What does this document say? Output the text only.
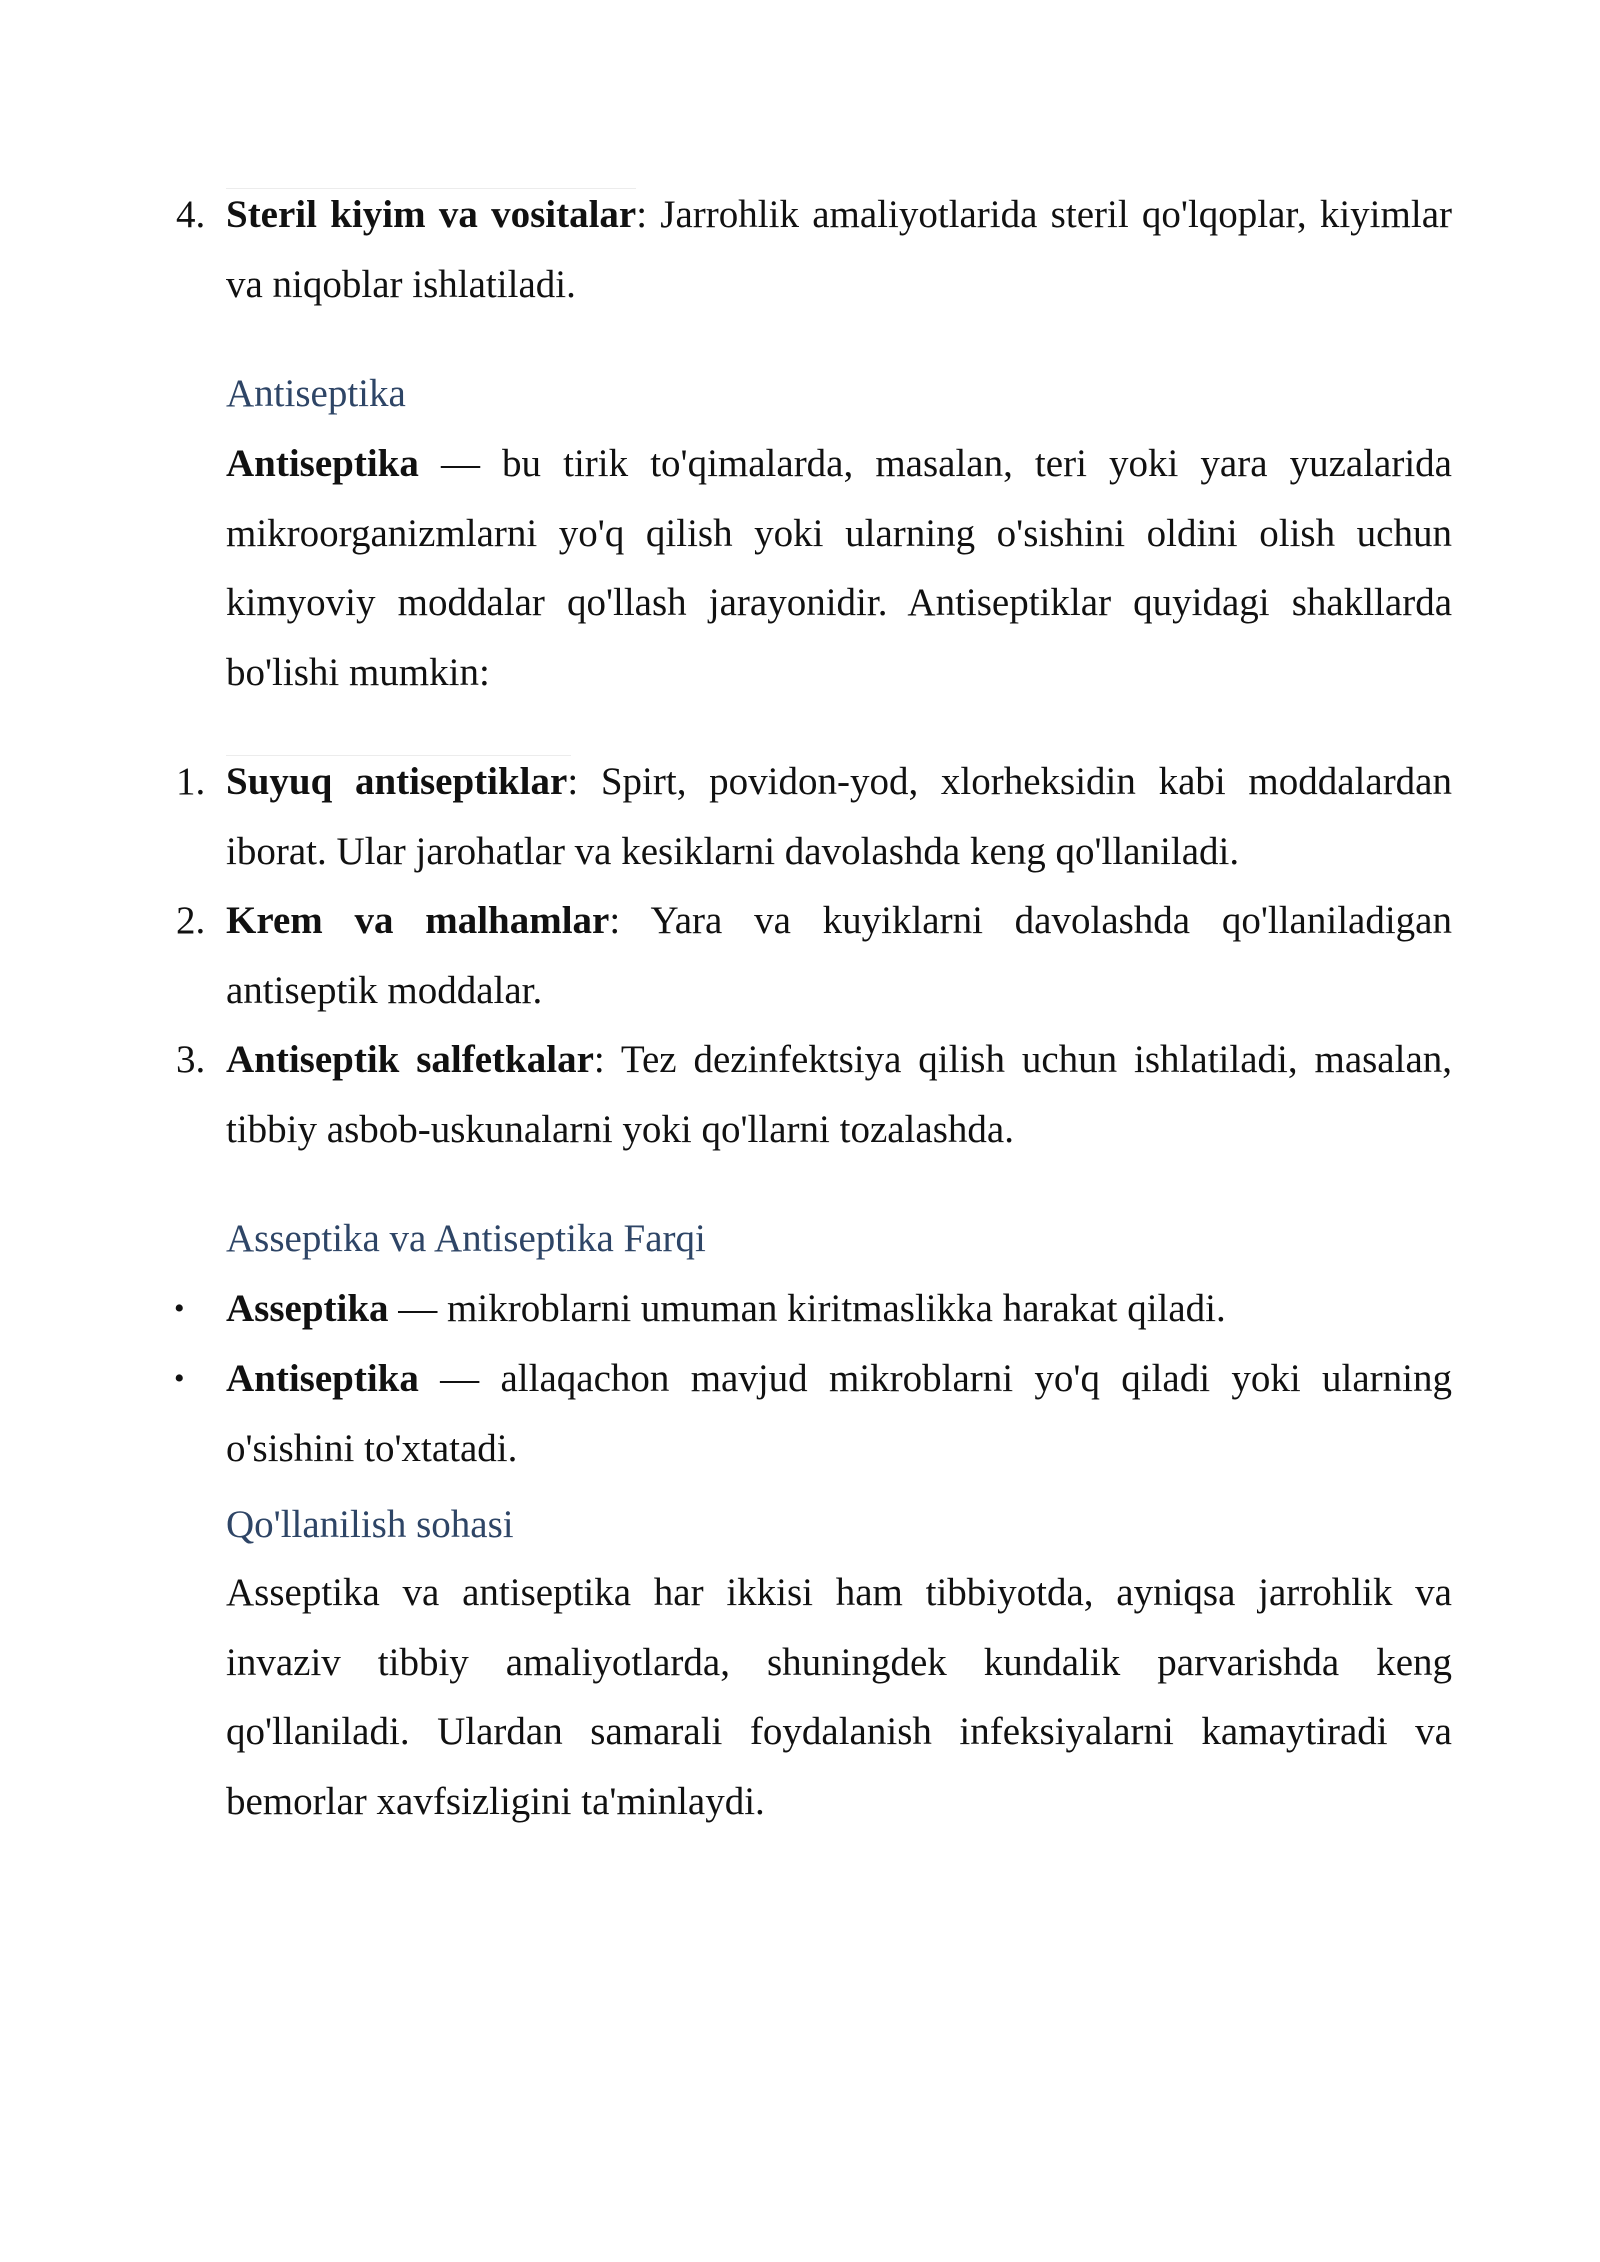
4. Steril kiyim va vositalar: Jarrohlik amaliyotlarida steril qo'lqoplar, kiyimlar va niqoblar ishlatiladi.
Antiseptika
Antiseptika — bu tirik to'qimalarda, masalan, teri yoki yara yuzalarida mikroorganizmlarni yo'q qilish yoki ularning o'sishini oldini olish uchun kimyoviy moddalar qo'llash jarayonidir. Antiseptiklar quyidagi shakllarda bo'lishi mumkin:
1. Suyuq antiseptiklar: Spirt, povidon-yod, xlorheksidin kabi moddalardan iborat. Ular jarohatlar va kesiklarni davolashda keng qo'llaniladi.
2. Krem va malhamlar: Yara va kuyiklarni davolashda qo'llaniladigan antiseptik moddalar.
3. Antiseptik salfetkalar: Tez dezinfektsiya qilish uchun ishlatiladi, masalan, tibbiy asbob-uskunalarni yoki qo'llarni tozalashda.
Asseptika va Antiseptika Farqi
•	Asseptika — mikroblarni umuman kiritmaslikka harakat qiladi.
•	Antiseptika — allaqachon mavjud mikroblarni yo'q qiladi yoki ularning o'sishini to'xtatadi.
Qo'llanilish sohasi
Asseptika va antiseptika har ikkisi ham tibbiyotda, ayniqsa jarrohlik va invaziv tibbiy amaliyotlarda, shuningdek kundalik parvarishda keng qo'llaniladi. Ulardan samarali foydalanish infeksiyalarni kamaytiradi va bemorlar xavfsizligini ta'minlaydi.
